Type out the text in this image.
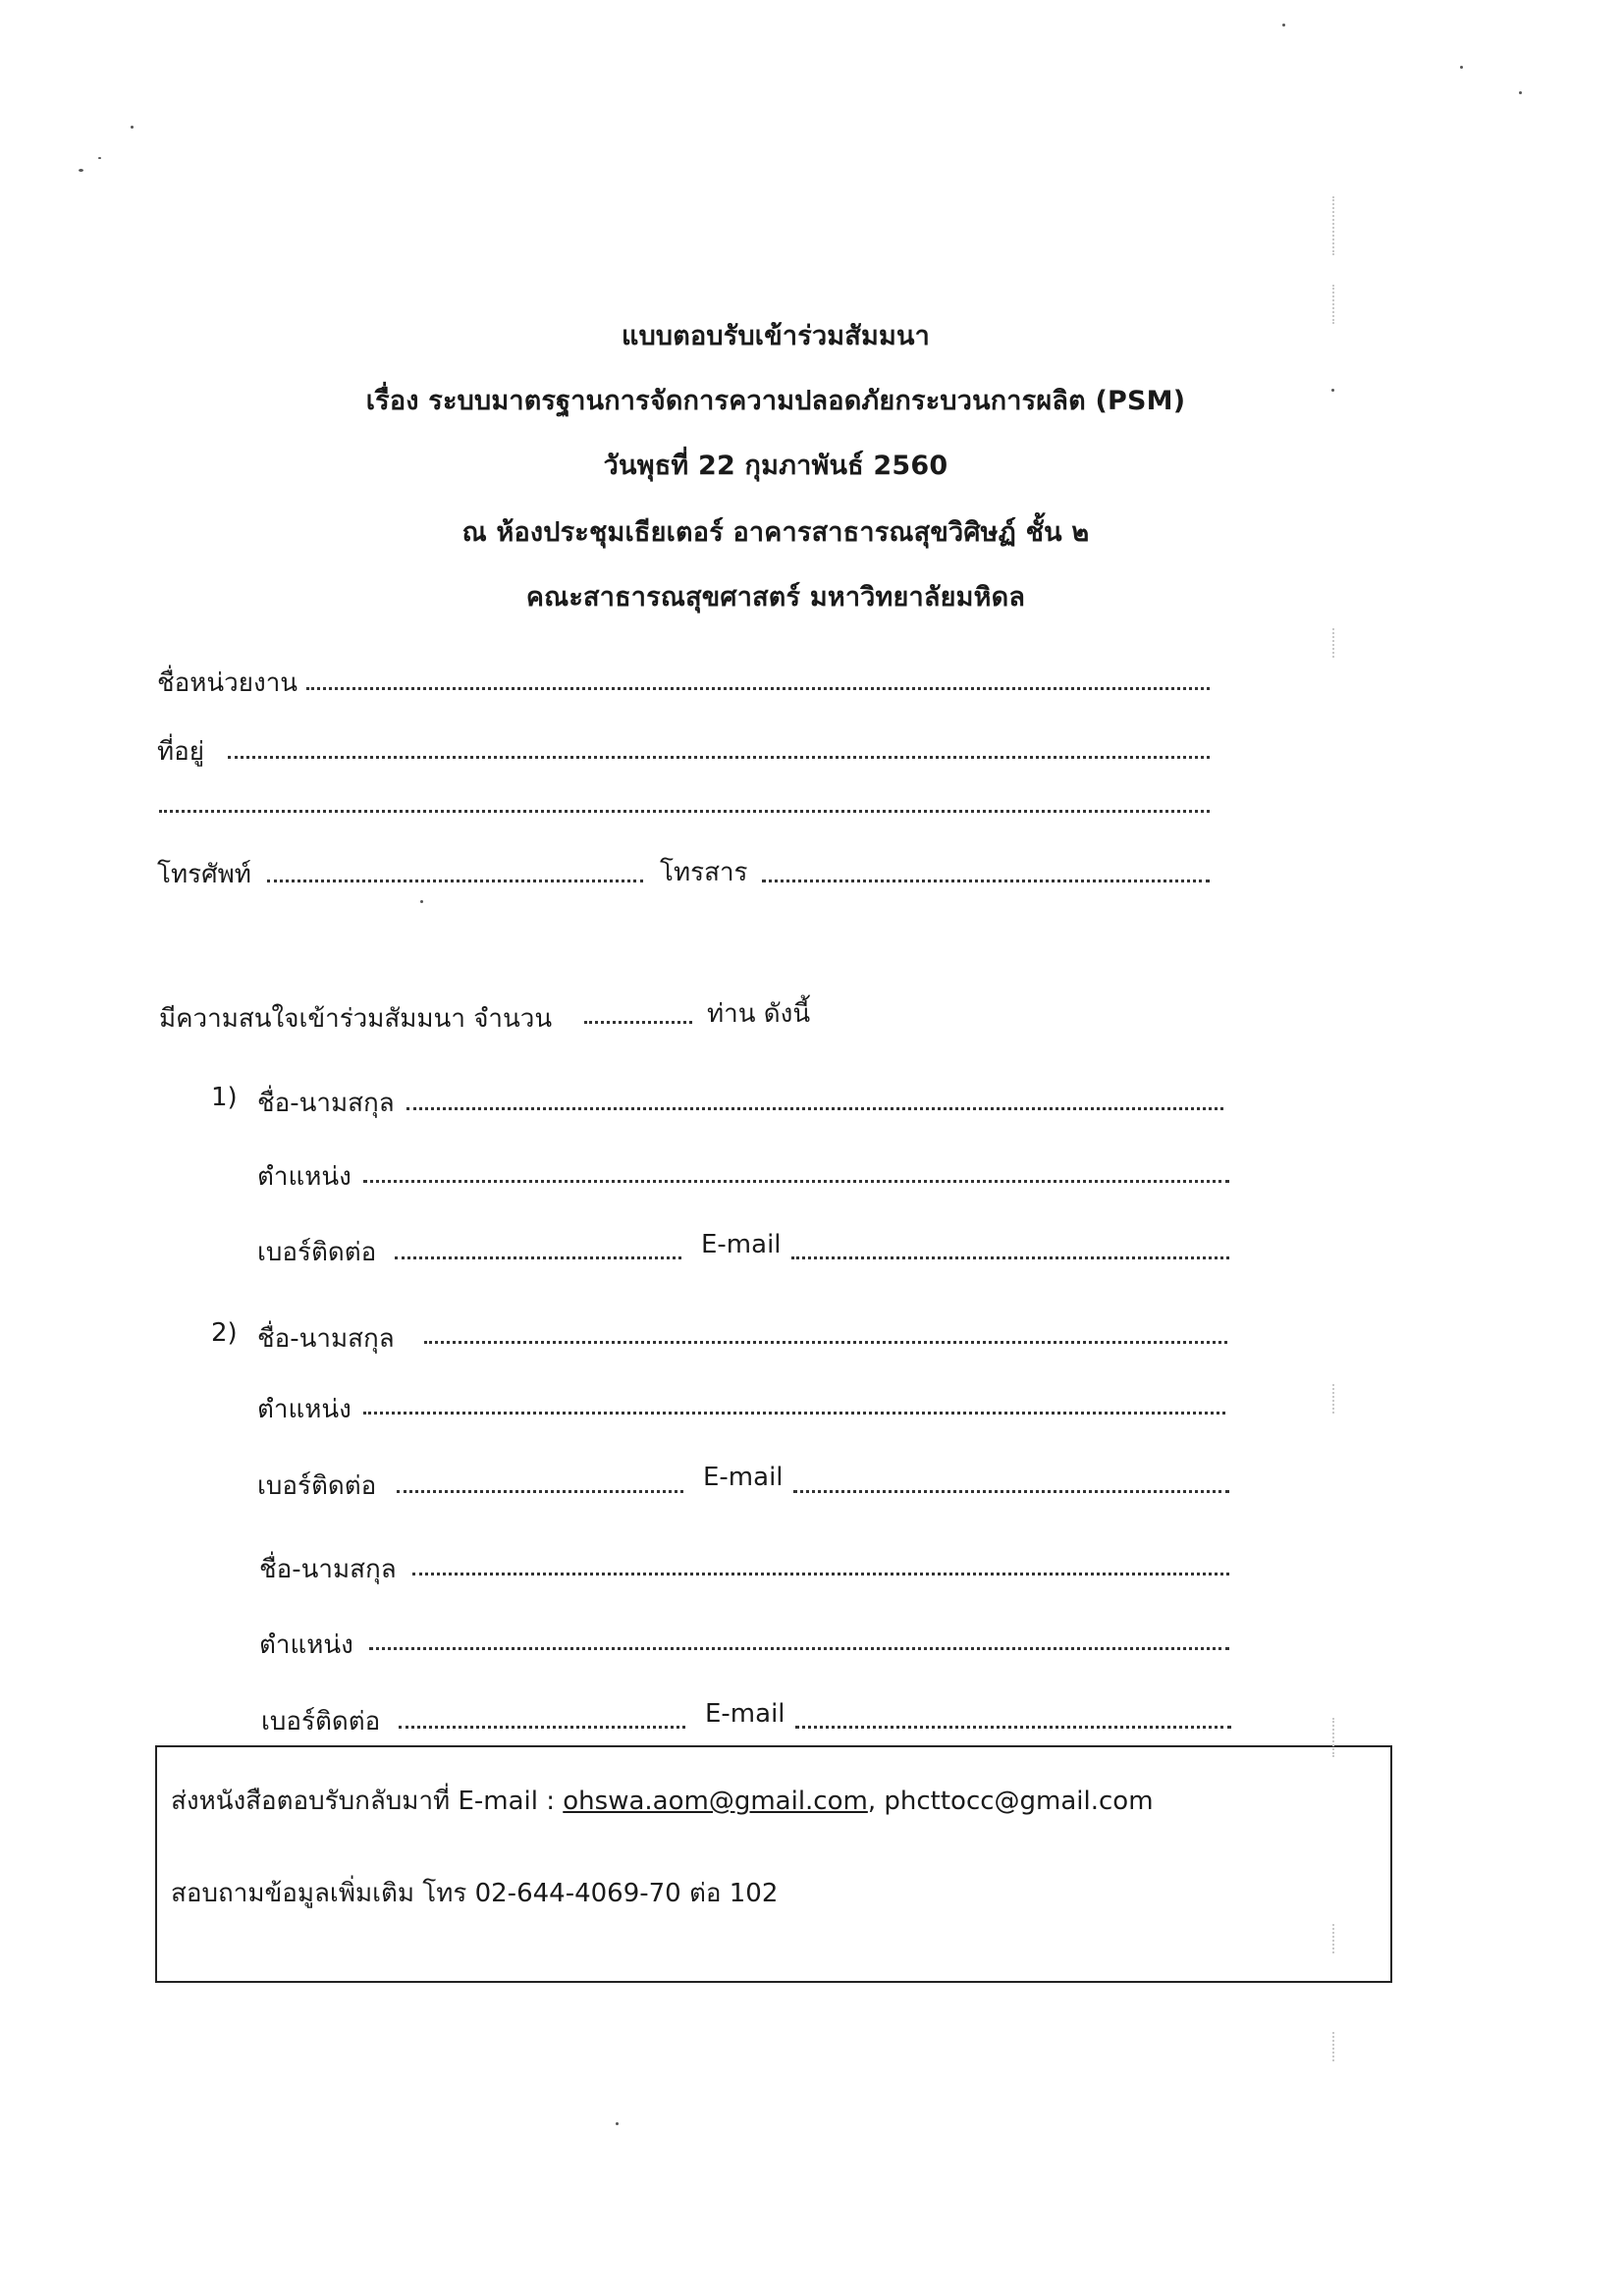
แบบตอบรับเข้าร่วมสัมมนา
เรื่อง ระบบมาตรฐานการจัดการความปลอดภัยกระบวนการผลิต (PSM)
วันพุธที่ 22 กุมภาพันธ์ 2560
ณ ห้องประชุมเธียเตอร์ อาคารสาธารณสุขวิศิษฏ์ ชั้น ๒
คณะสาธารณสุขศาสตร์ มหาวิทยาลัยมหิดล
ชื่อหน่วยงาน
ที่อยู่
โทรศัพท์	โทรสาร
มีความสนใจเข้าร่วมสัมมนา จำนวน	ท่าน ดังนี้
1) ชื่อ-นามสกุล
ตำแหน่ง
เบอร์ติดต่อ	E-mail
2) ชื่อ-นามสกุล
ตำแหน่ง
เบอร์ติดต่อ	E-mail
ชื่อ-นามสกุล
ตำแหน่ง
เบอร์ติดต่อ	E-mail
ส่งหนังสือตอบรับกลับมาที่ E-mail : ohswa.aom@gmail.com, phcttocc@gmail.com
สอบถามข้อมูลเพิ่มเติม โทร 02-644-4069-70 ต่อ 102
